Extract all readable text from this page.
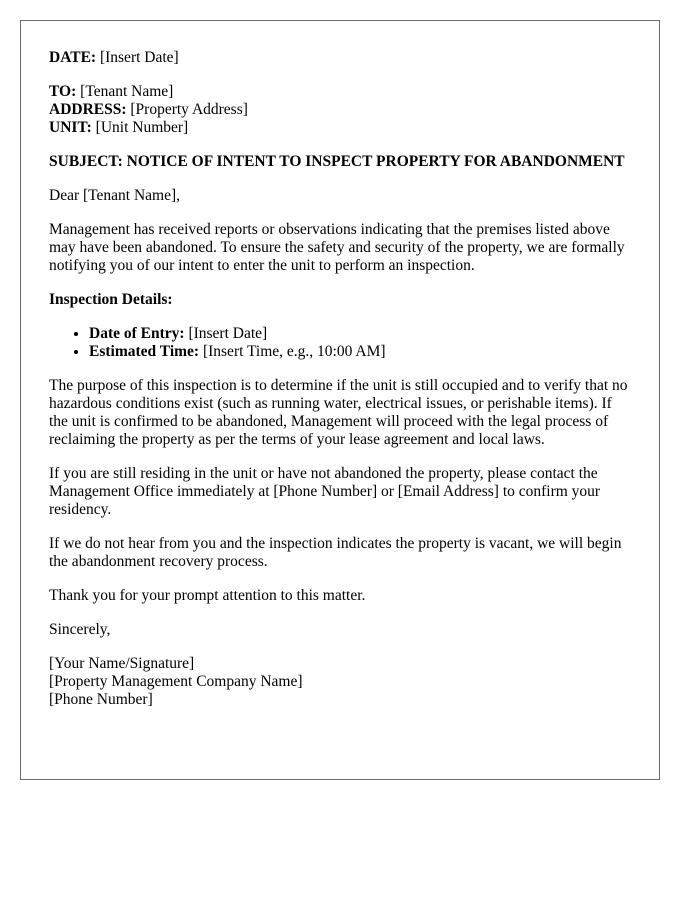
DATE: [Insert Date]

TO: [Tenant Name]

ADDRESS: [Property Address]

UNIT: [Unit Number]

SUBJECT: NOTICE OF INTENT TO INSPECT PROPERTY FOR ABANDONMENT

Dear [Tenant Name],

Management has received reports or observations indicating that the premises listed above may have been abandoned. To ensure the safety and security of the property, we are formally notifying you of our intent to enter the unit to perform an inspection.

Inspection Details:

• Date of Entry: [Insert Date]
• Estimated Time: [Insert Time, e.g., 10:00 AM]

The purpose of this inspection is to determine if the unit is still occupied and to verify that no hazardous conditions exist (such as running water, electrical issues, or perishable items). If the unit is confirmed to be abandoned, Management will proceed with the legal process of reclaiming the property as per the terms of your lease agreement and local laws.

If you are still residing in the unit or have not abandoned the property, please contact the Management Office immediately at [Phone Number] or [Email Address] to confirm your residency.

If we do not hear from you and the inspection indicates the property is vacant, we will begin the abandonment recovery process.

Thank you for your prompt attention to this matter.

Sincerely,

[Your Name/Signature]

[Property Management Company Name]

[Phone Number]
